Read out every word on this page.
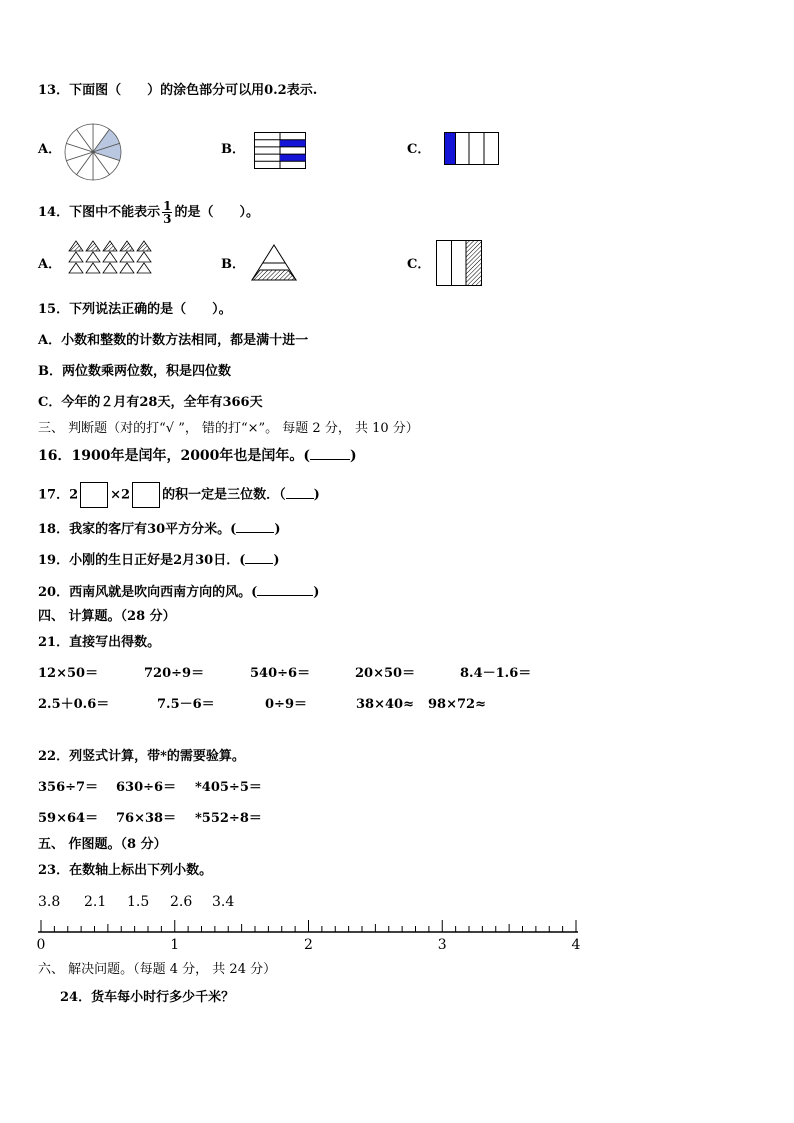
13．下面图（　　）的涂色部分可以用0.2表示.
A．	B．	C．
14．下图中不能表示 $\frac{1}{3}$ 的是（　　）。
A．	B．	C．
15．下列说法正确的是（　　）。
A．小数和整数的计数方法相同，都是满十进一
B．两位数乘两位数，积是四位数
C．今年的２月有28天，全年有366天
三、 判断题（对的打“√ ”， 错的打“×”。 每题 2 分， 共 10 分）
16．1900年是闰年，2000年也是闰年。(	)
17．2 ×2 的积一定是三位数．（ )
18．我家的客厅有30平方分米。(	)
19．小刚的生日正好是2月30日．( )
20．西南风就是吹向西南方向的风。(	)
四、 计算题。（28 分）
21．直接写出得数。
12×50＝	720÷9＝	540÷6＝	20×50＝	8.4－1.6＝
2.5＋0.6＝	7.5－6＝	0÷9＝	38×40≈ 98×72≈
22．列竖式计算，带*的需要验算。
356÷7＝ 630÷6＝ *405÷5＝
59×64＝ 76×38＝ *552÷8＝
五、 作图题。（8 分）
23．在数轴上标出下列小数。
3.8 2.1 1.5 2.6 3.4
0	1	2	3	4
六、 解决问题。（每题 4 分， 共 24 分）
24．货车每小时行多少千米？
